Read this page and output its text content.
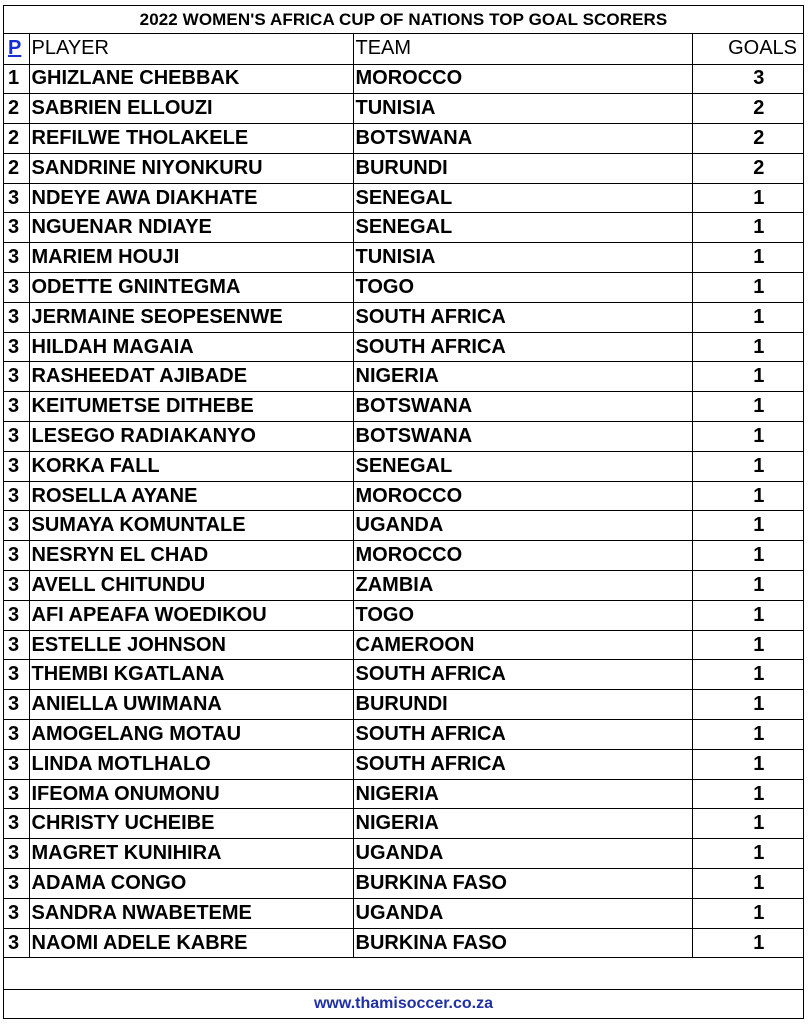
2022 WOMEN'S AFRICA CUP OF NATIONS TOP GOAL SCORERS
P	PLAYER	TEAM	GOALS
1	GHIZLANE CHEBBAK	MOROCCO	3
2	SABRIEN ELLOUZI	TUNISIA	2
2	REFILWE THOLAKELE	BOTSWANA	2
2	SANDRINE NIYONKURU	BURUNDI	2
3	NDEYE AWA DIAKHATE	SENEGAL	1
3	NGUENAR NDIAYE	SENEGAL	1
3	MARIEM HOUJI	TUNISIA	1
3	ODETTE GNINTEGMA	TOGO	1
3	JERMAINE SEOPESENWE	SOUTH AFRICA	1
3	HILDAH MAGAIA	SOUTH AFRICA	1
3	RASHEEDAT AJIBADE	NIGERIA	1
3	KEITUMETSE DITHEBE	BOTSWANA	1
3	LESEGO RADIAKANYO	BOTSWANA	1
3	KORKA FALL	SENEGAL	1
3	ROSELLA AYANE	MOROCCO	1
3	SUMAYA KOMUNTALE	UGANDA	1
3	NESRYN EL CHAD	MOROCCO	1
3	AVELL CHITUNDU	ZAMBIA	1
3	AFI APEAFA WOEDIKOU	TOGO	1
3	ESTELLE JOHNSON	CAMEROON	1
3	THEMBI KGATLANA	SOUTH AFRICA	1
3	ANIELLA UWIMANA	BURUNDI	1
3	AMOGELANG MOTAU	SOUTH AFRICA	1
3	LINDA MOTLHALO	SOUTH AFRICA	1
3	IFEOMA ONUMONU	NIGERIA	1
3	CHRISTY UCHEIBE	NIGERIA	1
3	MAGRET KUNIHIRA	UGANDA	1
3	ADAMA CONGO	BURKINA FASO	1
3	SANDRA NWABETEME	UGANDA	1
3	NAOMI ADELE KABRE	BURKINA FASO	1
www.thamisoccer.co.za
